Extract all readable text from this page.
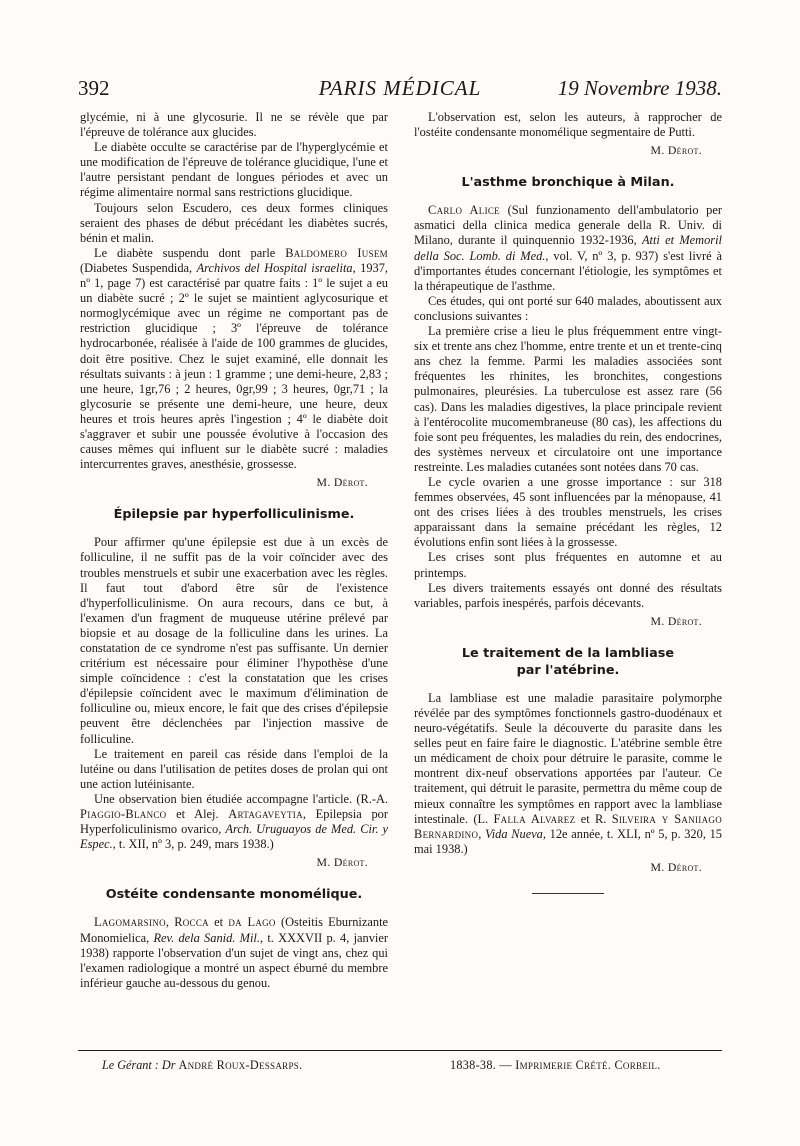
392	PARIS MÉDICAL	19 Novembre 1938.

glycémie, ni à une glycosurie. Il ne se révèle que par l'épreuve de tolérance aux glucides.

Le diabète occulte se caractérise par de l'hyperglycémie et une modification de l'épreuve de tolérance glucidique, l'une et l'autre persistant pendant de longues périodes et avec un régime alimentaire normal sans restrictions glucidique.

Toujours selon Escudero, ces deux formes cliniques seraient des phases de début précédant les diabètes sucrés, bénin et malin.

Le diabète suspendu dont parle Baldomero Iusem (Diabetes Suspendida, Archivos del Hospital israelita, 1937, nº 1, page 7) est caractérisé par quatre faits : 1º le sujet a eu un diabète sucré ; 2º le sujet se maintient aglycosurique et normoglycémique avec un régime ne comportant pas de restriction glucidique ; 3º l'épreuve de tolérance hydrocarbonée, réalisée à l'aide de 100 grammes de glucides, doit être positive. Chez le sujet examiné, elle donnait les résultats suivants : à jeun : 1 gramme ; une demi-heure, 2,83 ; une heure, 1gr,76 ; 2 heures, 0gr,99 ; 3 heures, 0gr,71 ; la glycosurie se présente une demi-heure, une heure, deux heures et trois heures après l'ingestion ; 4º le diabète doit s'aggraver et subir une poussée évolutive à l'occasion des causes mêmes qui influent sur le diabète sucré : maladies intercurrentes graves, anesthésie, grossesse.

M. Dérot.
Épilepsie par hyperfolliculinisme.

Pour affirmer qu'une épilepsie est due à un excès de folliculine, il ne suffit pas de la voir coïncider avec des troubles menstruels et subir une exacerbation avec les règles. Il faut tout d'abord être sûr de l'existence d'hyperfolliculinisme. On aura recours, dans ce but, à l'examen d'un fragment de muqueuse utérine prélevé par biopsie et au dosage de la folliculine dans les urines. La constatation de ce syndrome n'est pas suffisante. Un dernier critérium est nécessaire pour éliminer l'hypothèse d'une simple coïncidence : c'est la constatation que les crises d'épilepsie coïncident avec le maximum d'élimination de folliculine ou, mieux encore, le fait que des crises d'épilepsie peuvent être déclenchées par l'injection massive de folliculine.

Le traitement en pareil cas réside dans l'emploi de la lutéine ou dans l'utilisation de petites doses de prolan qui ont une action lutéinisante.

Une observation bien étudiée accompagne l'article. (R.-A. Piaggio-Blanco et Alej. Artagaveytia, Epilepsia por Hyperfoliculinismo ovarico, Arch. Uruguayos de Med. Cir. y Espec., t. XII, nº 3, p. 249, mars 1938.)

M. Dérot.
Ostéite condensante monomélique.

Lagomarsino, Rocca et da Lago (Osteitis Eburnizante Monomielica, Rev. dela Sanid. Mil., t. XXXVII p. 4, janvier 1938) rapporte l'observation d'un sujet de vingt ans, chez qui l'examen radiologique a montré un aspect éburné du membre inférieur gauche au-dessous du genou.

L'observation est, selon les auteurs, à rapprocher de l'ostéite condensante monomélique segmentaire de Putti.

M. Dérot.
L'asthme bronchique à Milan.

Carlo Alice (Sul funzionamento dell'ambulatorio per asmatici della clinica medica generale della R. Univ. di Milano, durante il quinquennio 1932-1936, Atti et Memoril della Soc. Lomb. di Med., vol. V, nº 3, p. 937) s'est livré à d'importantes études concernant l'étiologie, les symptômes et la thérapeutique de l'asthme.

Ces études, qui ont porté sur 640 malades, aboutissent aux conclusions suivantes :

La première crise a lieu le plus fréquemment entre vingt-six et trente ans chez l'homme, entre trente et un et trente-cinq ans chez la femme. Parmi les maladies associées sont fréquentes les rhinites, les bronchites, congestions pulmonaires, pleurésies. La tuberculose est assez rare (56 cas). Dans les maladies digestives, la place principale revient à l'entérocolite mucomembraneuse (80 cas), les affections du foie sont peu fréquentes, les maladies du rein, des endocrines, des systèmes nerveux et circulatoire ont une importance restreinte. Les maladies cutanées sont notées dans 70 cas.

Le cycle ovarien a une grosse importance : sur 318 femmes observées, 45 sont influencées par la ménopause, 41 ont des crises liées à des troubles menstruels, les crises apparaissant dans la semaine précédant les règles, 12 évolutions enfin sont liées à la grossesse.

Les crises sont plus fréquentes en automne et au printemps.

Les divers traitements essayés ont donné des résultats variables, parfois inespérés, parfois décevants.

M. Dérot.
Le traitement de la lambliase
par l'atébrine.

La lambliase est une maladie parasitaire polymorphe révélée par des symptômes fonctionnels gastro-duodénaux et neuro-végétatifs. Seule la découverte du parasite dans les selles peut en faire faire le diagnostic. L'atébrine semble être un médicament de choix pour détruire le parasite, comme le montrent dix-neuf observations apportées par l'auteur. Ce traitement, qui détruit le parasite, permettra du même coup de mieux connaître les symptômes en rapport avec la lambliase intestinale. (L. Falla Alvarez et R. Silveira y Saniiago Bernardino, Vida Nueva, 12e année, t. XLI, nº 5, p. 320, 15 mai 1938.)

M. Dérot.
Le Gérant : Dr André Roux-Dessarps.	1838-38. — Imprimerie Crété. Corbeil.
